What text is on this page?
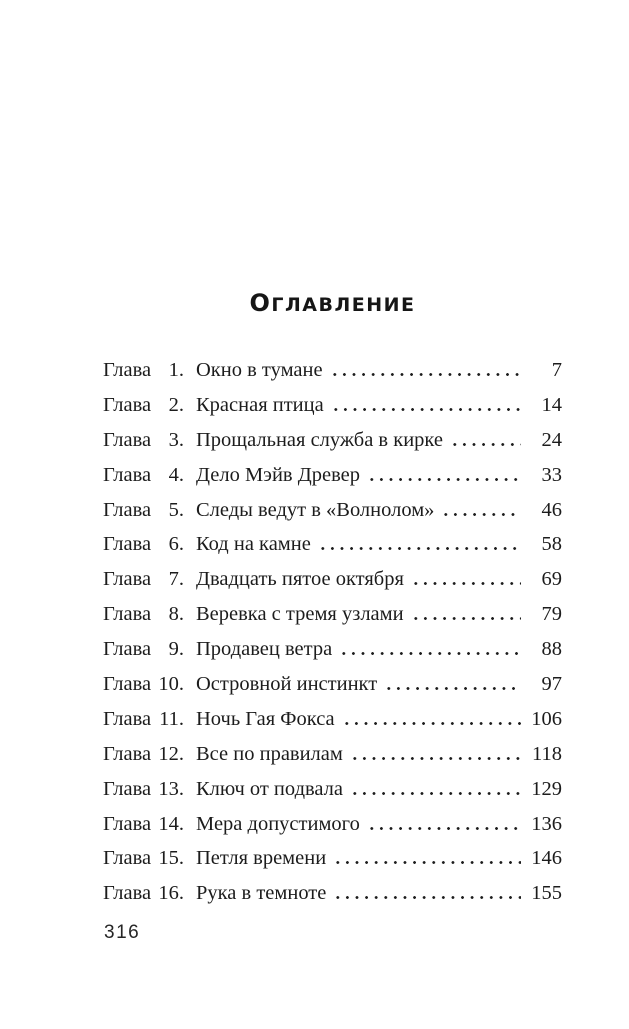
ОГЛАВЛЕНИЕ
Глава 1. Окно в тумане	7
Глава 2. Красная птица	14
Глава 3. Прощальная служба в кирке	24
Глава 4. Дело Мэйв Древер	33
Глава 5. Следы ведут в «Волнолом»	46
Глава 6. Код на камне	58
Глава 7. Двадцать пятое октября	69
Глава 8. Веревка с тремя узлами	79
Глава 9. Продавец ветра	88
Глава 10. Островной инстинкт	97
Глава 11. Ночь Гая Фокса	106
Глава 12. Все по правилам	118
Глава 13. Ключ от подвала	129
Глава 14. Мера допустимого	136
Глава 15. Петля времени	146
Глава 16. Рука в темноте	155
316
